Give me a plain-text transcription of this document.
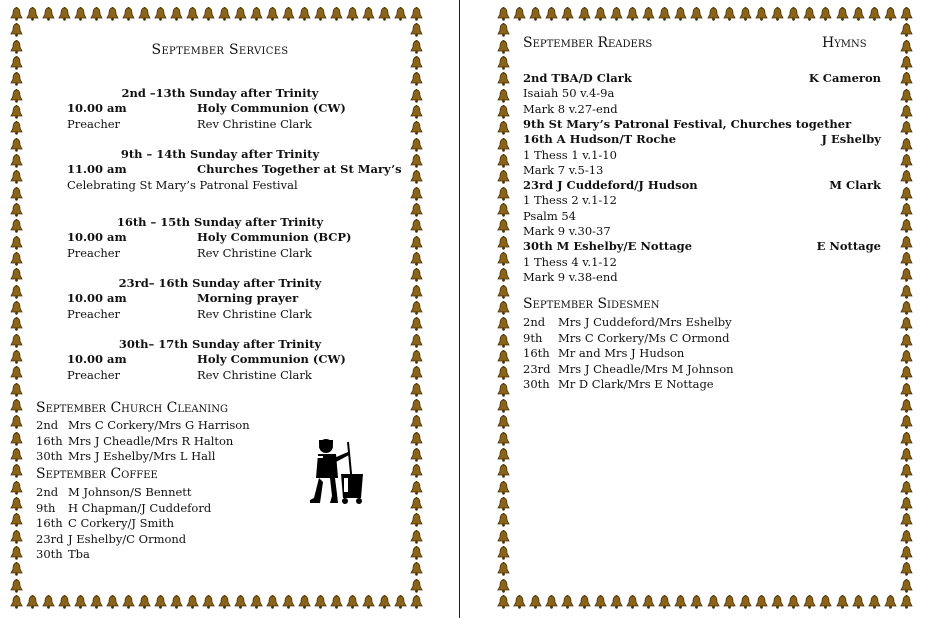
September Services
2nd –13th Sunday after Trinity
10.00 am	Holy Communion (CW)
Preacher	Rev Christine Clark
9th – 14th Sunday after Trinity
11.00 am	Churches Together at St Mary’s
Celebrating St Mary’s Patronal Festival
16th – 15th Sunday after Trinity
10.00 am	Holy Communion (BCP)
Preacher	Rev Christine Clark
23rd– 16th Sunday after Trinity
10.00 am	Morning prayer
Preacher	Rev Christine Clark
30th– 17th Sunday after Trinity
10.00 am	Holy Communion (CW)
Preacher	Rev Christine Clark
September Church Cleaning
2nd Mrs C Corkery/Mrs G Harrison
16th Mrs J Cheadle/Mrs R Halton
30th Mrs J Eshelby/Mrs L Hall
September Coffee
2nd M Johnson/S Bennett
9th H Chapman/J Cuddeford
16th C Corkery/J Smith
23rd J Eshelby/C Ormond
30th Tba
September Readers	Hymns
2nd TBA/D Clark	K Cameron
Isaiah 50 v.4-9a
Mark 8 v.27-end
9th St Mary’s Patronal Festival, Churches together
16th A Hudson/T Roche	J Eshelby
1 Thess 1 v.1-10
Mark 7 v.5-13
23rd J Cuddeford/J Hudson	M Clark
1 Thess 2 v.1-12
Psalm 54
Mark 9 v.30-37
30th M Eshelby/E Nottage	E Nottage
1 Thess 4 v.1-12
Mark 9 v.38-end
September Sidesmen
2nd Mrs J Cuddeford/Mrs Eshelby
9th Mrs C Corkery/Ms C Ormond
16th Mr and Mrs J Hudson
23rd Mrs J Cheadle/Mrs M Johnson
30th Mr D Clark/Mrs E Nottage
